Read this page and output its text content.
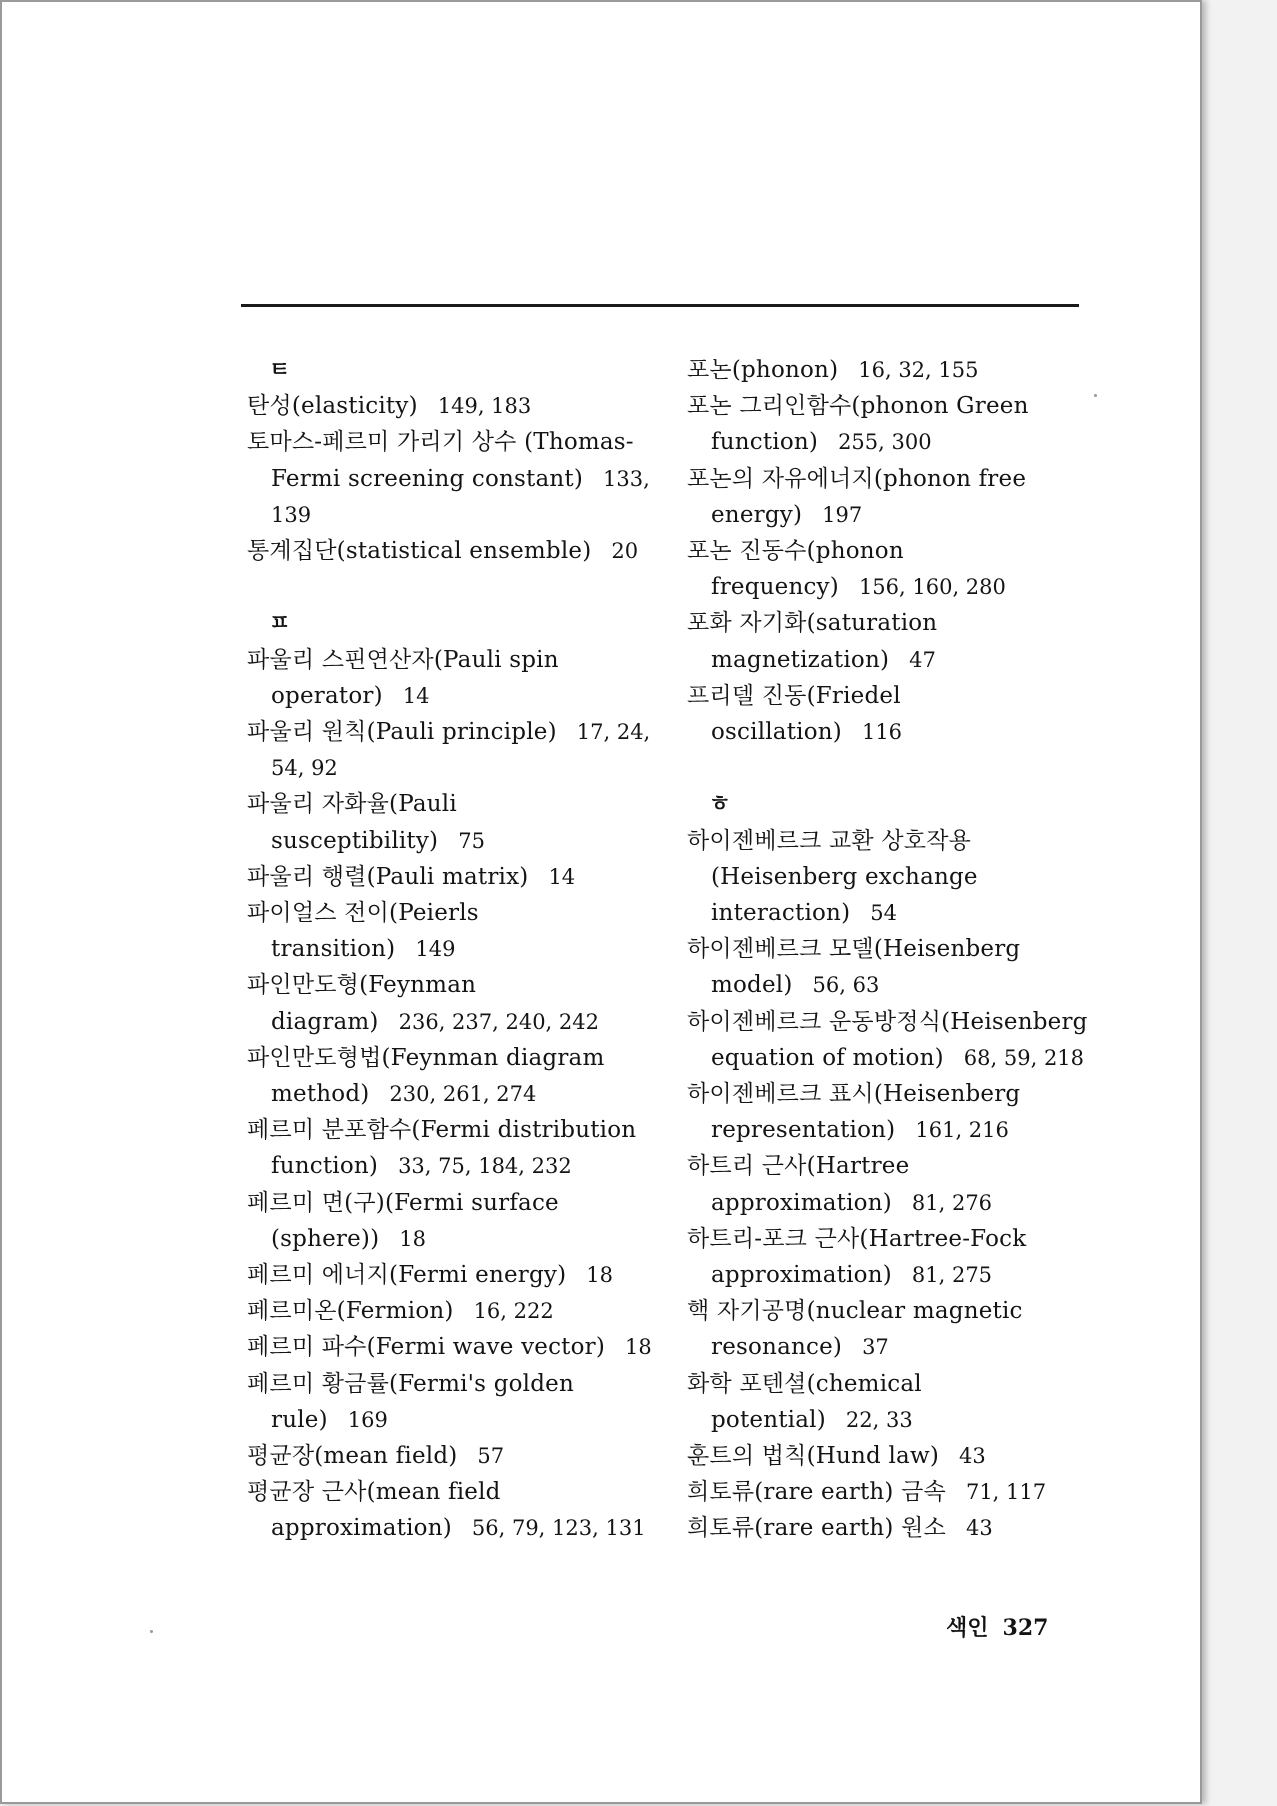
ㅌ
탄성(elasticity) 149, 183
토마스-페르미 가리기 상수 (Thomas-Fermi screening constant) 133, 139
통계집단(statistical ensemble) 20
ㅍ
파울리 스핀연산자(Pauli spin operator) 14
파울리 원칙(Pauli principle) 17, 24, 54, 92
파울리 자화율(Pauli susceptibility) 75
파울리 행렬(Pauli matrix) 14
파이얼스 전이(Peierls transition) 149
파인만도형(Feynman diagram) 236, 237, 240, 242
파인만도형법(Feynman diagram method) 230, 261, 274
페르미 분포함수(Fermi distribution function) 33, 75, 184, 232
페르미 면(구)(Fermi surface (sphere)) 18
페르미 에너지(Fermi energy) 18
페르미온(Fermion) 16, 222
페르미 파수(Fermi wave vector) 18
페르미 황금률(Fermi's golden rule) 169
평균장(mean field) 57
평균장 근사(mean field approximation) 56, 79, 123, 131
포논(phonon) 16, 32, 155
포논 그리인함수(phonon Green function) 255, 300
포논의 자유에너지(phonon free energy) 197
포논 진동수(phonon frequency) 156, 160, 280
포화 자기화(saturation magnetization) 47
프리델 진동(Friedel oscillation) 116
ㅎ
하이젠베르크 교환 상호작용(Heisenberg exchange interaction) 54
하이젠베르크 모델(Heisenberg model) 56, 63
하이젠베르크 운동방정식(Heisenberg equation of motion) 68, 59, 218
하이젠베르크 표시(Heisenberg representation) 161, 216
하트리 근사(Hartree approximation) 81, 276
하트리-포크 근사(Hartree-Fock approximation) 81, 275
핵 자기공명(nuclear magnetic resonance) 37
화학 포텐셜(chemical potential) 22, 33
훈트의 법칙(Hund law) 43
희토류(rare earth) 금속 71, 117
희토류(rare earth) 원소 43
색인 327
